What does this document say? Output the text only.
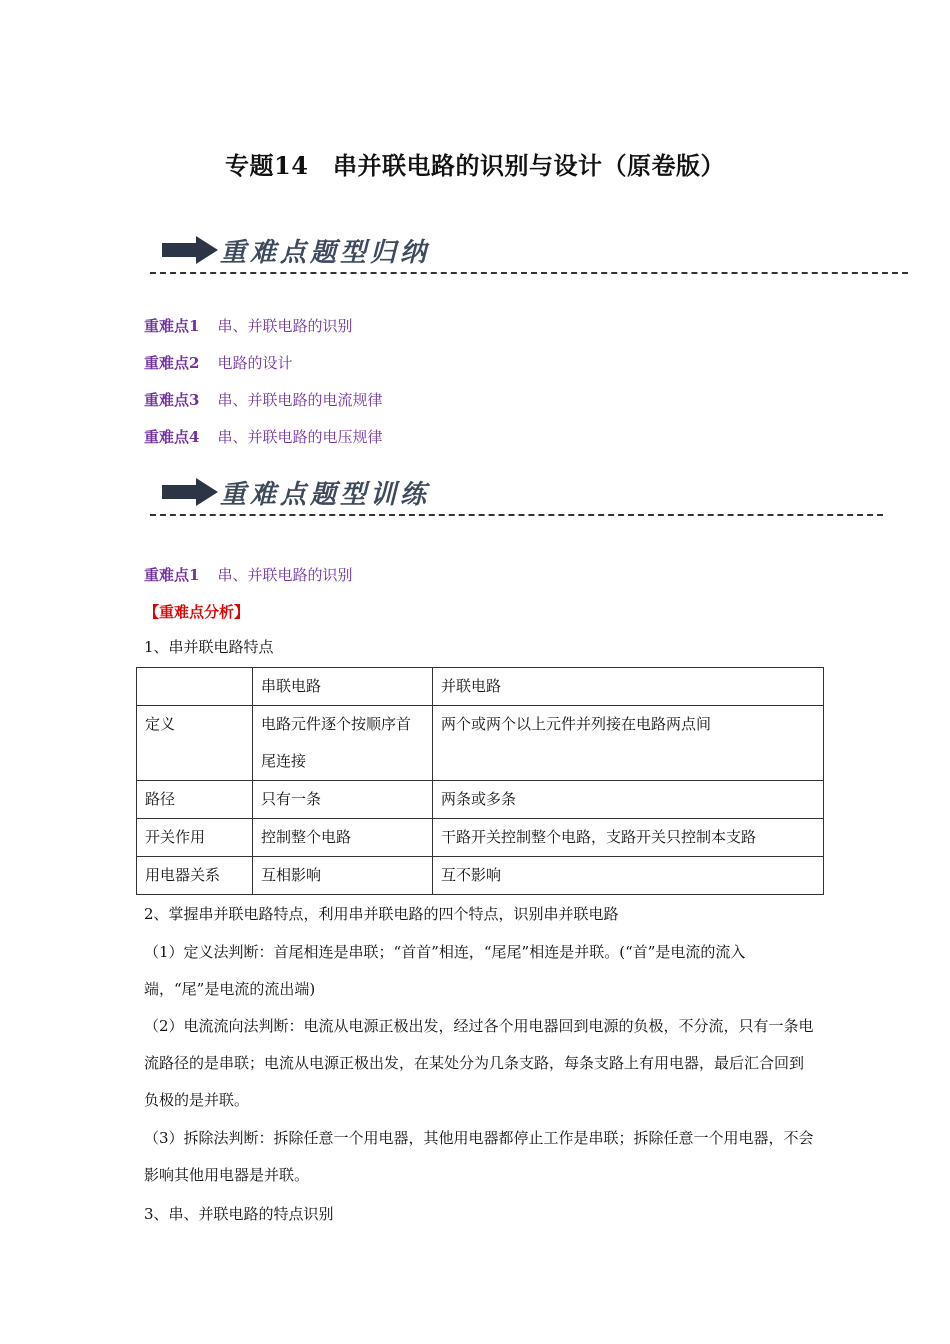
专题14　串并联电路的识别与设计（原卷版）
重难点题型归纳
重难点1 串、并联电路的识别
重难点2 电路的设计
重难点3 串、并联电路的电流规律
重难点4 串、并联电路的电压规律
重难点题型训练
重难点1 串、并联电路的识别
【重难点分析】
1、串并联电路特点
	串联电路	并联电路
定义	电路元件逐个按顺序首尾连接	两个或两个以上元件并列接在电路两点间
路径	只有一条	两条或多条
开关作用	控制整个电路	干路开关控制整个电路，支路开关只控制本支路
用电器关系	互相影响	互不影响
2、掌握串并联电路特点，利用串并联电路的四个特点，识别串并联电路
（1）定义法判断：首尾相连是串联；“首首”相连，“尾尾”相连是并联。(“首”是电流的流入端，“尾”是电流的流出端)
（2）电流流向法判断：电流从电源正极出发，经过各个用电器回到电源的负极，不分流，只有一条电流路径的是串联；电流从电源正极出发，在某处分为几条支路，每条支路上有用电器，最后汇合回到负极的是并联。
（3）拆除法判断：拆除任意一个用电器，其他用电器都停止工作是串联；拆除任意一个用电器，不会影响其他用电器是并联。
3、串、并联电路的特点识别
